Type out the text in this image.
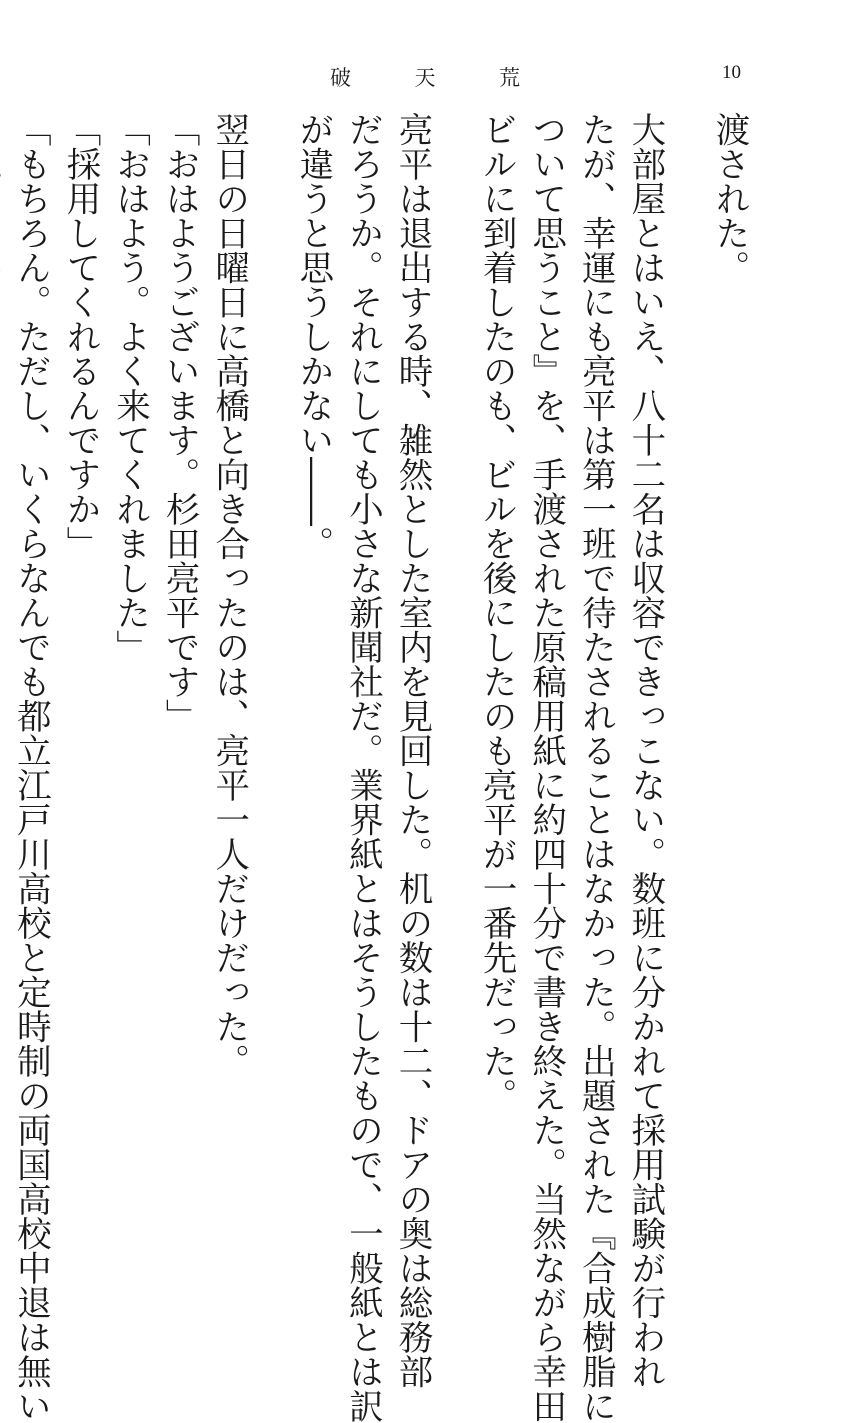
破	天	荒	10
渡された。
大部屋とはいえ、八十二名は収容できっこない。数班に分かれて採用試験が行われ
たが、幸運にも亮平は第一班で待たされることはなかった。出題された『合成樹脂に
ついて思うこと』を、手渡された原稿用紙に約四十分で書き終えた。当然ながら幸田
ビルに到着したのも、ビルを後にしたのも亮平が一番先だった。
亮平は退出する時、雑然とした室内を見回した。机の数は十二、ドアの奥は総務部
だろうか。それにしても小さな新聞社だ。業界紙とはそうしたもので、一般紙とは訳
が違うと思うしかない――。
翌日の日曜日に高橋と向き合ったのは、亮平一人だけだった。
「おはようございます。杉田亮平です」
「おはよう。よく来てくれました」
「採用してくれるんですか」
「もちろん。ただし、いくらなんでも都立江戸川高校と定時制の両国高校中退は無い
